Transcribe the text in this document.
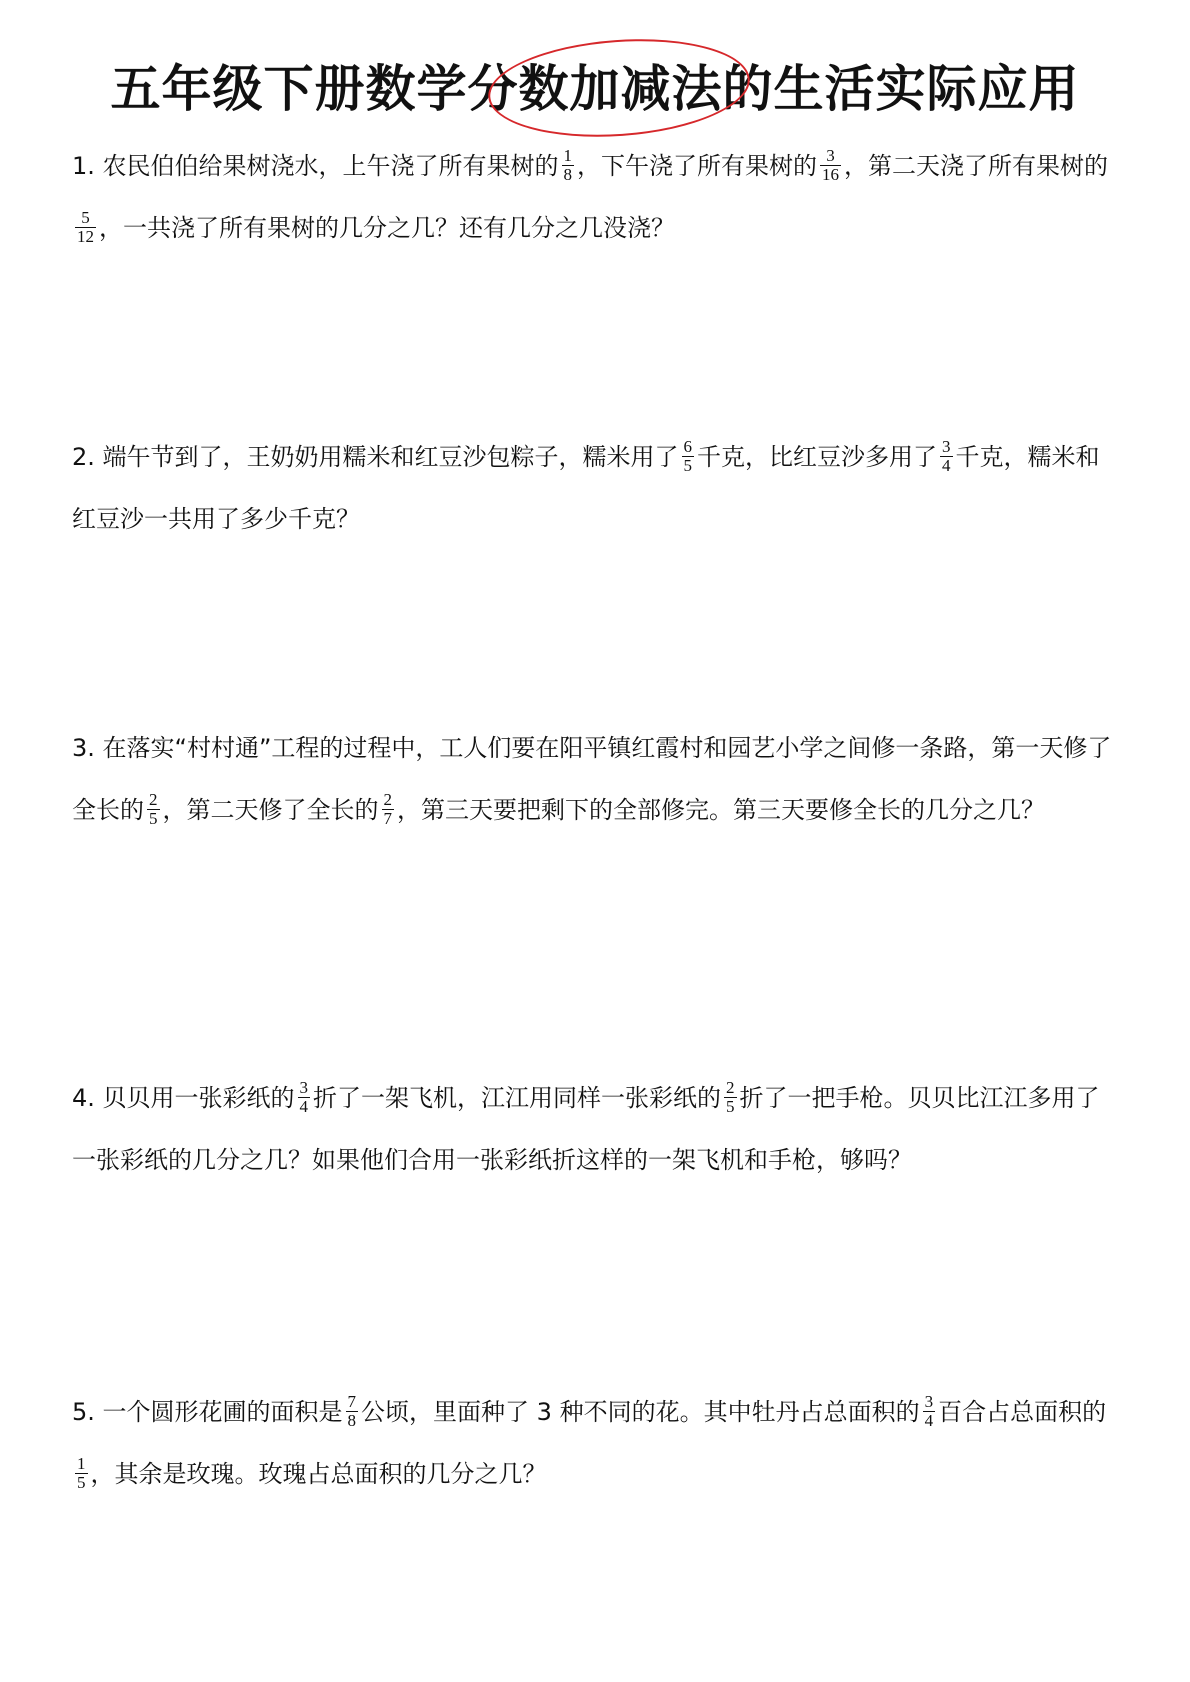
五年级下册数学分数加减法的生活实际应用
1. 农民伯伯给果树浇水，上午浇了所有果树的 $\frac{1}{8}$ ，下午浇了所有果树的 $\frac{3}{16}$ ，第二天浇了所有果树的
$\frac{5}{12}$ ，一共浇了所有果树的几分之几？还有几分之几没浇？
2. 端午节到了，王奶奶用糯米和红豆沙包粽子，糯米用了 $\frac{6}{5}$ 千克，比红豆沙多用了 $\frac{3}{4}$ 千克，糯米和红豆沙一共用了多少千克？
3. 在落实“村村通”工程的过程中，工人们要在阳平镇红霞村和园艺小学之间修一条路，第一天修了全长的 $\frac{2}{5}$ ，第二天修了全长的 $\frac{2}{7}$ ，第三天要把剩下的全部修完。第三天要修全长的几分之几？
4. 贝贝用一张彩纸的 $\frac{3}{4}$ 折了一架飞机，江江用同样一张彩纸的 $\frac{2}{5}$ 折了一把手枪。贝贝比江江多用了一张彩纸的几分之几？如果他们合用一张彩纸折这样的一架飞机和手枪，够吗？
5. 一个圆形花圃的面积是 $\frac{7}{8}$ 公顷，里面种了 3 种不同的花。其中牡丹占总面积的 $\frac{3}{4}$ 百合占总面积的
$\frac{1}{5}$ ，其余是玫瑰。玫瑰占总面积的几分之几？
